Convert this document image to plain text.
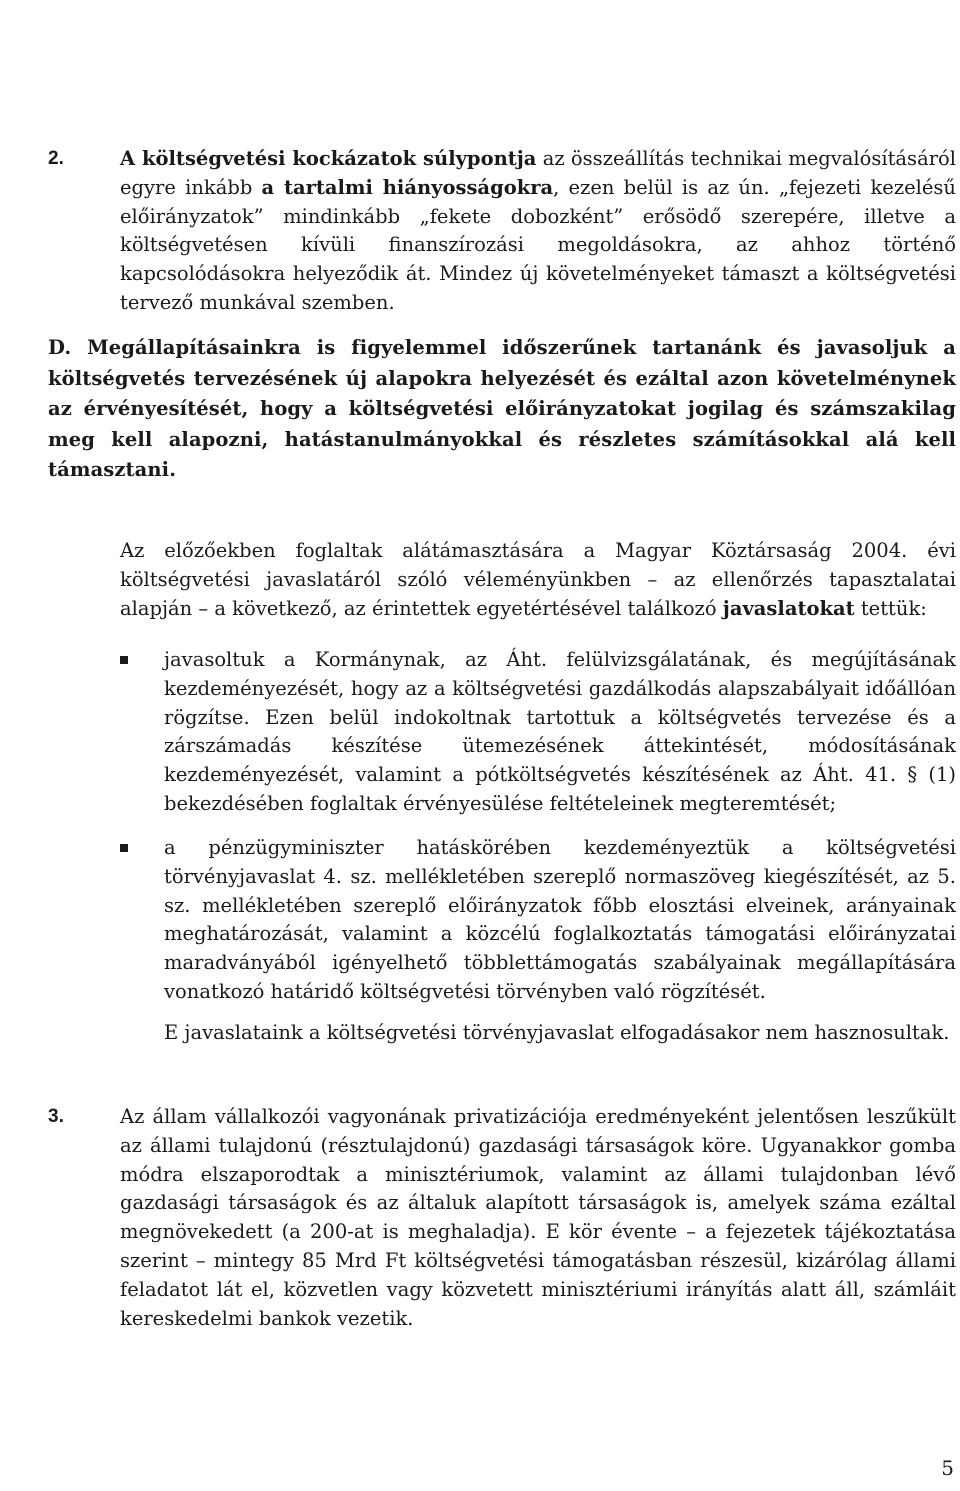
2.	A költségvetési kockázatok súlypontja az összeállítás technikai megvalósításáról egyre inkább a tartalmi hiányosságokra, ezen belül is az ún. „fejezeti kezelésű előirányzatok” mindinkább „fekete dobozként” erősödő szerepére, illetve a költségvetésen kívüli finanszírozási megoldásokra, az ahhoz történő kapcsolódásokra helyeződik át. Mindez új követelményeket támaszt a költségvetési tervező munkával szemben.
D. Megállapításainkra is figyelemmel időszerűnek tartanánk és javasoljuk a költségvetés tervezésének új alapokra helyezését és ezáltal azon követelménynek az érvényesítését, hogy a költségvetési előirányzatokat jogilag és számszakilag meg kell alapozni, hatástanulmányokkal és részletes számításokkal alá kell támasztani.
Az előzőekben foglaltak alátámasztására a Magyar Köztársaság 2004. évi költségvetési javaslatáról szóló véleményünkben – az ellenőrzés tapasztalatai alapján – a következő, az érintettek egyetértésével találkozó javaslatokat tettük:
javasoltuk a Kormánynak, az Áht. felülvizsgálatának, és megújításának kezdeményezését, hogy az a költségvetési gazdálkodás alapszabályait időállóan rögzítse. Ezen belül indokoltnak tartottuk a költségvetés tervezése és a zárszámadás készítése ütemezésének áttekintését, módosításának kezdeményezését, valamint a pótköltségvetés készítésének az Áht. 41. § (1) bekezdésében foglaltak érvényesülése feltételeinek megteremtését;
a pénzügyminiszter hatáskörében kezdeményeztük a költségvetési törvényjavaslat 4. sz. mellékletében szereplő normaszöveg kiegészítését, az 5. sz. mellékletében szereplő előirányzatok főbb elosztási elveinek, arányainak meghatározását, valamint a közcélú foglalkoztatás támogatási előirányzatai maradványából igényelhető többlettámogatás szabályainak megállapítására vonatkozó határidő költségvetési törvényben való rögzítését.
E javaslataink a költségvetési törvényjavaslat elfogadásakor nem hasznosultak.
3.	Az állam vállalkozói vagyonának privatizációja eredményeként jelentősen leszűkült az állami tulajdonú (résztulajdonú) gazdasági társaságok köre. Ugyanakkor gomba módra elszaporodtak a minisztériumok, valamint az állami tulajdonban lévő gazdasági társaságok és az általuk alapított társaságok is, amelyek száma ezáltal megnövekedett (a 200-at is meghaladja). E kör évente – a fejezetek tájékoztatása szerint – mintegy 85 Mrd Ft költségvetési támogatásban részesül, kizárólag állami feladatot lát el, közvetlen vagy közvetett minisztériumi irányítás alatt áll, számláit kereskedelmi bankok vezetik.
5
